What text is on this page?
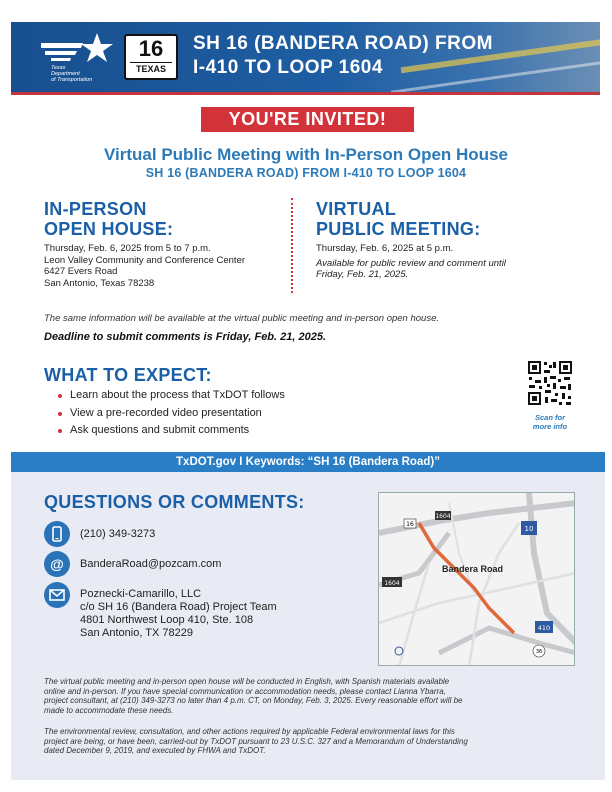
Texas
Department
of Transportation
16
TEXAS
SH 16 (BANDERA ROAD) FROM
I-410 TO LOOP 1604
YOU'RE INVITED!
Virtual Public Meeting with In-Person Open House
SH 16 (BANDERA ROAD) FROM I-410 TO LOOP 1604
IN-PERSON
OPEN HOUSE:
Thursday, Feb. 6, 2025 from 5 to 7 p.m.
Leon Valley Community and Conference Center
6427 Evers Road
San Antonio, Texas 78238
VIRTUAL
PUBLIC MEETING:
Thursday, Feb. 6, 2025 at 5 p.m.
Available for public review and comment until
Friday, Feb. 21, 2025.
The same information will be available at the virtual public meeting and in-person open house.
Deadline to submit comments is Friday, Feb. 21, 2025.
WHAT TO EXPECT:
Learn about the process that TxDOT follows
View a pre-recorded video presentation
Ask questions and submit comments
Scan for
more info
TxDOT.gov I Keywords: “SH 16 (Bandera Road)”
QUESTIONS OR COMMENTS:
(210) 349-3273
@	BanderaRoad@pozcam.com
Poznecki-Camarillo, LLC
c/o SH 16 (Bandera Road) Project Team
4801 Northwest Loop 410, Ste. 108
San Antonio, TX 78229
16
1604
10
410
36
1604
Bandera Road
The virtual public meeting and in-person open house will be conducted in English, with Spanish materials available
online and in-person. If you have special communication or accommodation needs, please contact Lianna Ybarra,
project consultant, at (210) 349-3273 no later than 4 p.m. CT, on Monday, Feb. 3, 2025. Every reasonable effort will be
made to accommodate these needs.
The environmental review, consultation, and other actions required by applicable Federal environmental laws for this
project are being, or have been, carried-out by TxDOT pursuant to 23 U.S.C. 327 and a Memorandum of Understanding
dated December 9, 2019, and executed by FHWA and TxDOT.
